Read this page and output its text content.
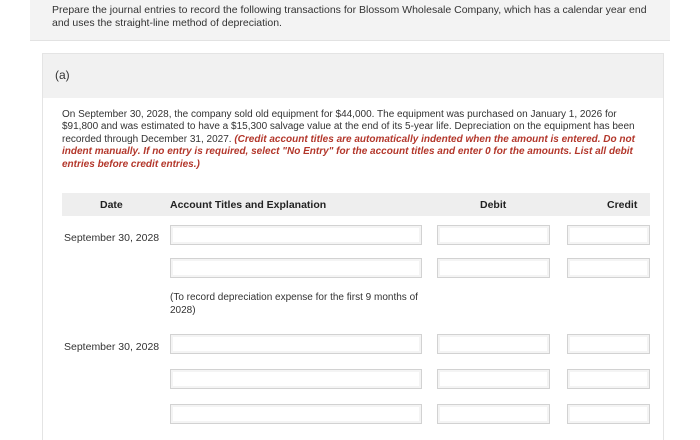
Prepare the journal entries to record the following transactions for Blossom Wholesale Company, which has a calendar year end and uses the straight-line method of depreciation.

(a)
On September 30, 2028, the company sold old equipment for $44,000. The equipment was purchased on January 1, 2026 for $91,800 and was estimated to have a $15,300 salvage value at the end of its 5-year life. Depreciation on the equipment has been recorded through December 31, 2027. (Credit account titles are automatically indented when the amount is entered. Do not indent manually. If no entry is required, select "No Entry" for the account titles and enter 0 for the amounts. List all debit entries before credit entries.)
Date	Account Titles and Explanation	Debit	Credit
September 30, 2028
(To record depreciation expense for the first 9 months of 2028)
September 30, 2028
